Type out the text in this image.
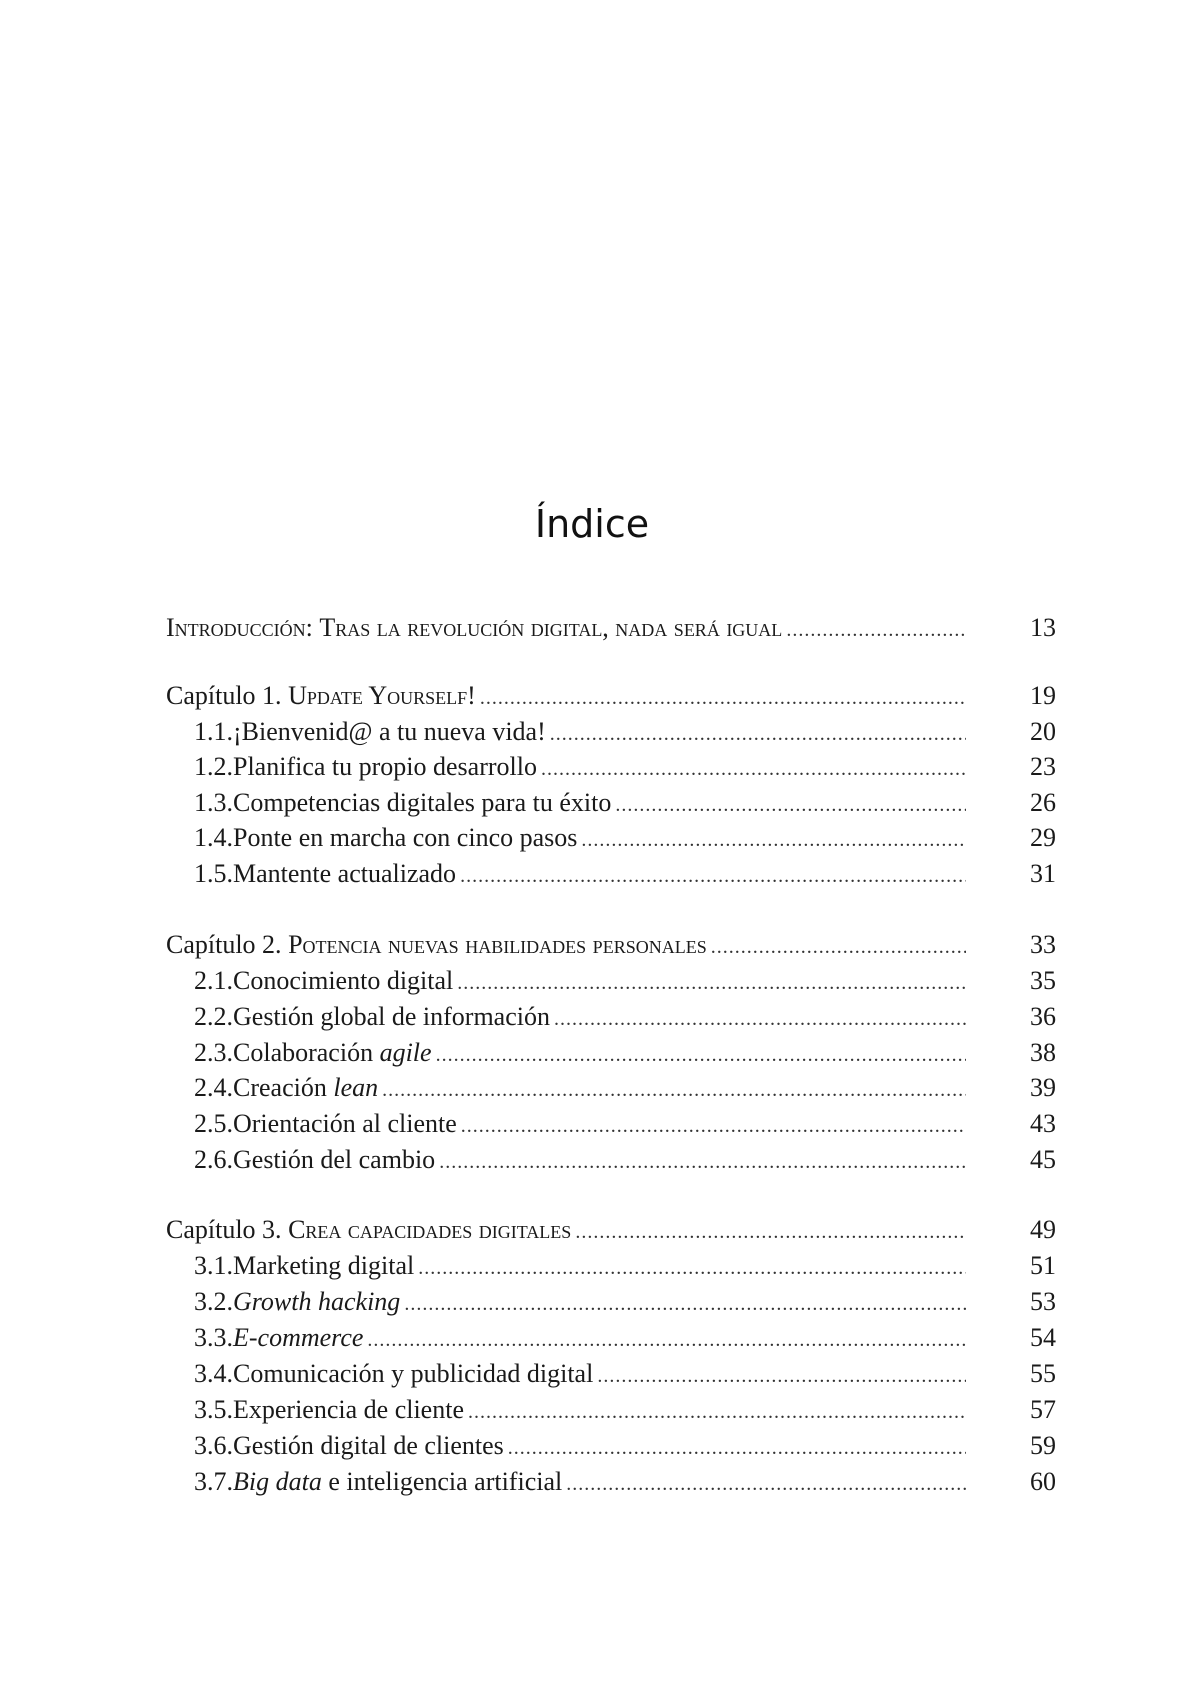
Índice
Introducción: Tras la revolución digital, nada será igual .....	13
Capítulo 1. Update Yourself! .....	19
1.1. ¡Bienvenid@ a tu nueva vida! .....	20
1.2. Planifica tu propio desarrollo .....	23
1.3. Competencias digitales para tu éxito .....	26
1.4. Ponte en marcha con cinco pasos .....	29
1.5. Mantente actualizado .....	31
Capítulo 2. Potencia nuevas habilidades personales .....	33
2.1. Conocimiento digital .....	35
2.2. Gestión global de información .....	36
2.3. Colaboración agile .....	38
2.4. Creación lean .....	39
2.5. Orientación al cliente .....	43
2.6. Gestión del cambio .....	45
Capítulo 3. Crea capacidades digitales .....	49
3.1. Marketing digital .....	51
3.2. Growth hacking .....	53
3.3. E-commerce .....	54
3.4. Comunicación y publicidad digital .....	55
3.5. Experiencia de cliente .....	57
3.6. Gestión digital de clientes .....	59
3.7. Big data e inteligencia artificial .....	60
